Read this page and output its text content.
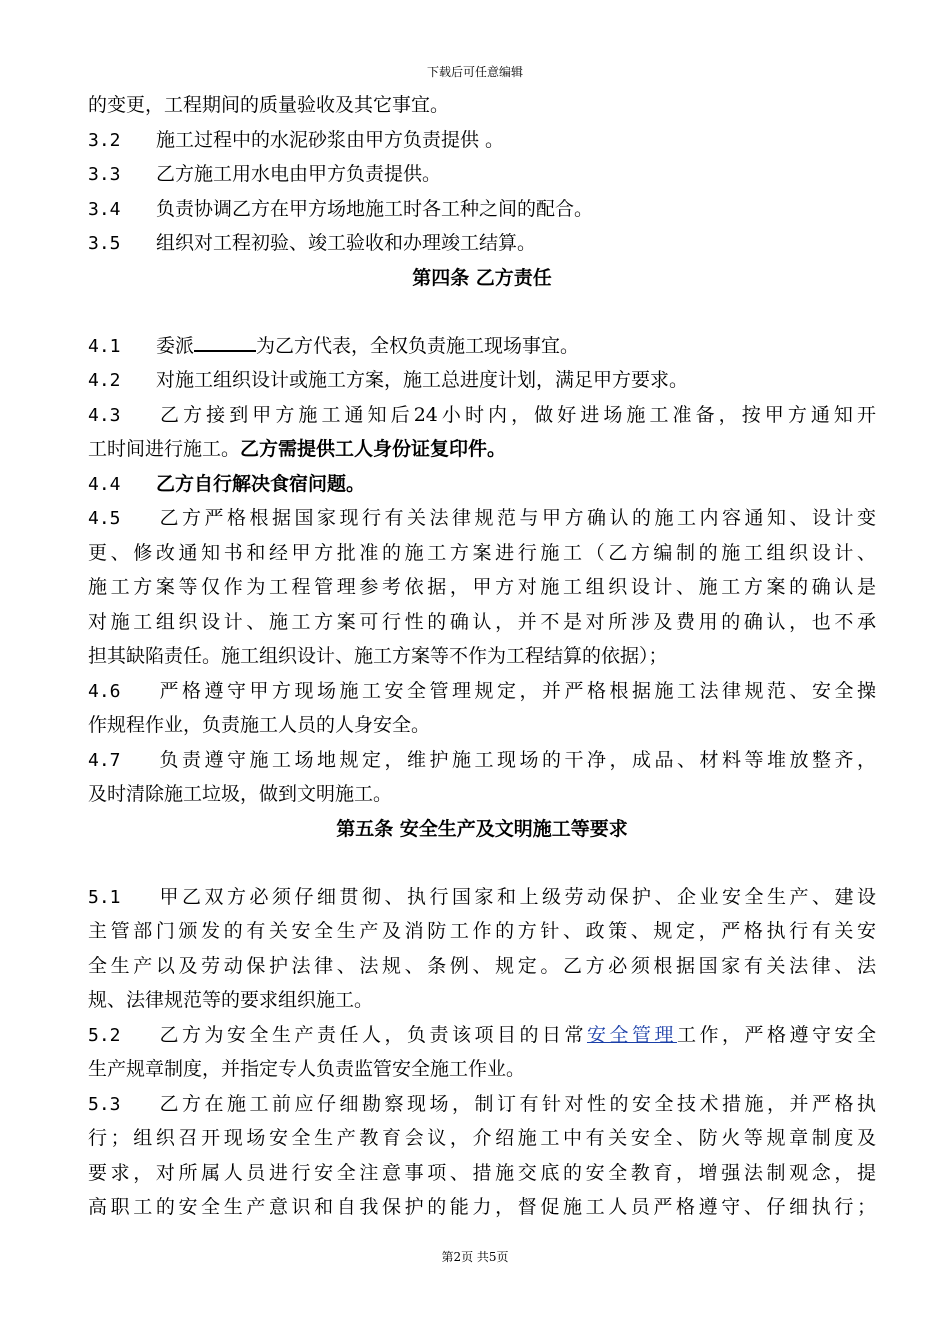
下载后可任意编辑
的变更，工程期间的质量验收及其它事宜。
3.2 施工过程中的水泥砂浆由甲方负责提供 。
3.3 乙方施工用水电由甲方负责提供。
3.4 负责协调乙方在甲方场地施工时各工种之间的配合。
3.5 组织对工程初验、竣工验收和办理竣工结算。
第四条 乙方责任
4.1 委派	为乙方代表，全权负责施工现场事宜。
4.2 对施工组织设计或施工方案，施工总进度计划，满足甲方要求。
4.3 乙方接到甲方施工通知后24小时内，做好进场施工准备，按甲方通知开
工时间进行施工。乙方需提供工人身份证复印件。
4.4 乙方自行解决食宿问题。
4.5 乙方严格根据国家现行有关法律规范与甲方确认的施工内容通知、设计变
更、修改通知书和经甲方批准的施工方案进行施工（乙方编制的施工组织设计、
施工方案等仅作为工程管理参考依据，甲方对施工组织设计、施工方案的确认是
对施工组织设计、施工方案可行性的确认，并不是对所涉及费用的确认，也不承
担其缺陷责任。施工组织设计、施工方案等不作为工程结算的依据）；
4.6 严格遵守甲方现场施工安全管理规定，并严格根据施工法律规范、安全操
作规程作业，负责施工人员的人身安全。
4.7 负责遵守施工场地规定，维护施工现场的干净，成品、材料等堆放整齐，
及时清除施工垃圾，做到文明施工。
第五条 安全生产及文明施工等要求
5.1 甲乙双方必须仔细贯彻、执行国家和上级劳动保护、企业安全生产、建设
主管部门颁发的有关安全生产及消防工作的方针、政策、规定，严格执行有关安
全生产以及劳动保护法律、法规、条例、规定。乙方必须根据国家有关法律、法
规、法律规范等的要求组织施工。
5.2 乙方为安全生产责任人，负责该项目的日常安全管理工作，严格遵守安全
生产规章制度，并指定专人负责监管安全施工作业。
5.3 乙方在施工前应仔细勘察现场，制订有针对性的安全技术措施，并严格执
行；组织召开现场安全生产教育会议，介绍施工中有关安全、防火等规章制度及
要求，对所属人员进行安全注意事项、措施交底的安全教育，增强法制观念，提
高职工的安全生产意识和自我保护的能力，督促施工人员严格遵守、仔细执行；
第2页 共5页
